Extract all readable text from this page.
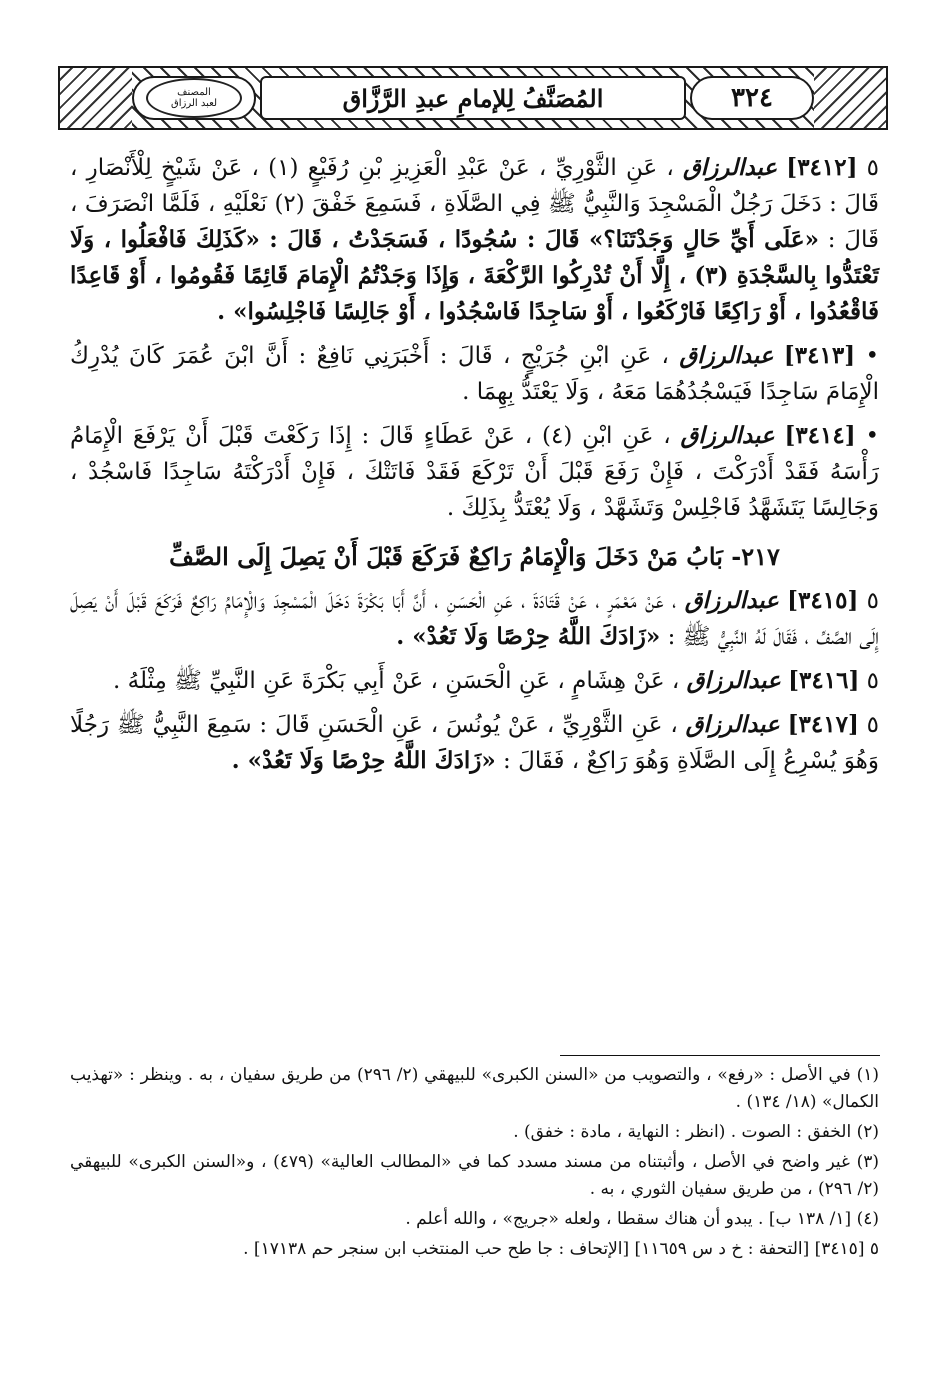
المصنف
لعبد الرزاق	المُصَنَّفُ لِلإمامِ عبدِ الرَّزَّاق	٣٢٤

٥ [٣٤١٢] عبدالرزاق ، عَنِ الثَّوْرِيِّ ، عَنْ عَبْدِ الْعَزِيزِ بْنِ رُفَيْعٍ (١) ، عَنْ شَيْخٍ لِلْأَنْصَارِ ، قَالَ : دَخَلَ رَجُلٌ الْمَسْجِدَ وَالنَّبِيُّ ﷺ فِي الصَّلَاةِ ، فَسَمِعَ خَفْقَ (٢) نَعْلَيْهِ ، فَلَمَّا انْصَرَفَ ، قَالَ : «عَلَى أَيِّ حَالٍ وَجَدْتَنَا؟» قَالَ : سُجُودًا ، فَسَجَدْتُ ، قَالَ : «كَذَلِكَ فَافْعَلُوا ، وَلَا تَعْتَدُّوا بِالسَّجْدَةِ (٣) ، إِلَّا أَنْ تُدْرِكُوا الرَّكْعَةَ ، وَإِذَا وَجَدْتُمُ الْإِمَامَ قَائِمًا فَقُومُوا ، أَوْ قَاعِدًا فَاقْعُدُوا ، أَوْ رَاكِعًا فَارْكَعُوا ، أَوْ سَاجِدًا فَاسْجُدُوا ، أَوْ جَالِسًا فَاجْلِسُوا» .

• [٣٤١٣] عبدالرزاق ، عَنِ ابْنِ جُرَيْجٍ ، قَالَ : أَخْبَرَنِي نَافِعٌ : أَنَّ ابْنَ عُمَرَ كَانَ يُدْرِكُ الْإِمَامَ سَاجِدًا فَيَسْجُدُهُمَا مَعَهُ ، وَلَا يَعْتَدُّ بِهِمَا .

• [٣٤١٤] عبدالرزاق ، عَنِ ابْنِ (٤) ، عَنْ عَطَاءٍ قَالَ : إِذَا رَكَعْتَ قَبْلَ أَنْ يَرْفَعَ الْإِمَامُ رَأْسَهُ فَقَدْ أَدْرَكْتَ ، فَإِنْ رَفَعَ قَبْلَ أَنْ تَرْكَعَ فَقَدْ فَاتَتْكَ ، فَإِنْ أَدْرَكْتَهُ سَاجِدًا فَاسْجُدْ ، وَجَالِسًا يَتَشَهَّدُ فَاجْلِسْ وَتَشَهَّدْ ، وَلَا يُعْتَدُّ بِذَلِكَ .

٢١٧- بَابُ مَنْ دَخَلَ وَالْإِمَامُ رَاكِعٌ فَرَكَعَ قَبْلَ أَنْ يَصِلَ إِلَى الصَّفِّ

٥ [٣٤١٥] عبدالرزاق ، عَنْ مَعْمَرٍ ، عَنْ قَتَادَةَ ، عَنِ الْحَسَنِ ، أَنَّ أَبَا بَكْرَةَ دَخَلَ الْمَسْجِدَ وَالْإِمَامُ رَاكِعٌ فَرَكَعَ قَبْلَ أَنْ يَصِلَ إِلَى الصَّفِّ ، فَقَالَ لَهُ النَّبِيُّ ﷺ : «زَادَكَ اللَّهُ حِرْصًا وَلَا تَعُدْ» .

٥ [٣٤١٦] عبدالرزاق ، عَنْ هِشَامٍ ، عَنِ الْحَسَنِ ، عَنْ أَبِي بَكْرَةَ عَنِ النَّبِيِّ ﷺ مِثْلَهُ .

٥ [٣٤١٧] عبدالرزاق ، عَنِ الثَّوْرِيِّ ، عَنْ يُونُسَ ، عَنِ الْحَسَنِ قَالَ : سَمِعَ النَّبِيُّ ﷺ رَجُلًا وَهُوَ يُسْرِعُ إِلَى الصَّلَاةِ وَهُوَ رَاكِعٌ ، فَقَالَ : «زَادَكَ اللَّهُ حِرْصًا وَلَا تَعُدْ» .

(١) في الأصل : «رفع» ، والتصويب من «السنن الكبرى» للبيهقي (٢/ ٢٩٦) من طريق سفيان ، به . وينظر : «تهذيب الكمال» (١٨/ ١٣٤) .

(٢) الخفق : الصوت . (انظر : النهاية ، مادة : خفق) .

(٣) غير واضح في الأصل ، وأثبتناه من مسند مسدد كما في «المطالب العالية» (٤٧٩) ، و«السنن الكبرى» للبيهقي (٢/ ٢٩٦) ، من طريق سفيان الثوري ، به .

(٤) [١/ ١٣٨ ب] . يبدو أن هناك سقطا ، ولعله «جريج» ، والله أعلم .

٥ [٣٤١٥] [التحفة : خ د س ١١٦٥٩] [الإتحاف : جا طح حب المنتخب ابن سنجر حم ١٧١٣٨] .
